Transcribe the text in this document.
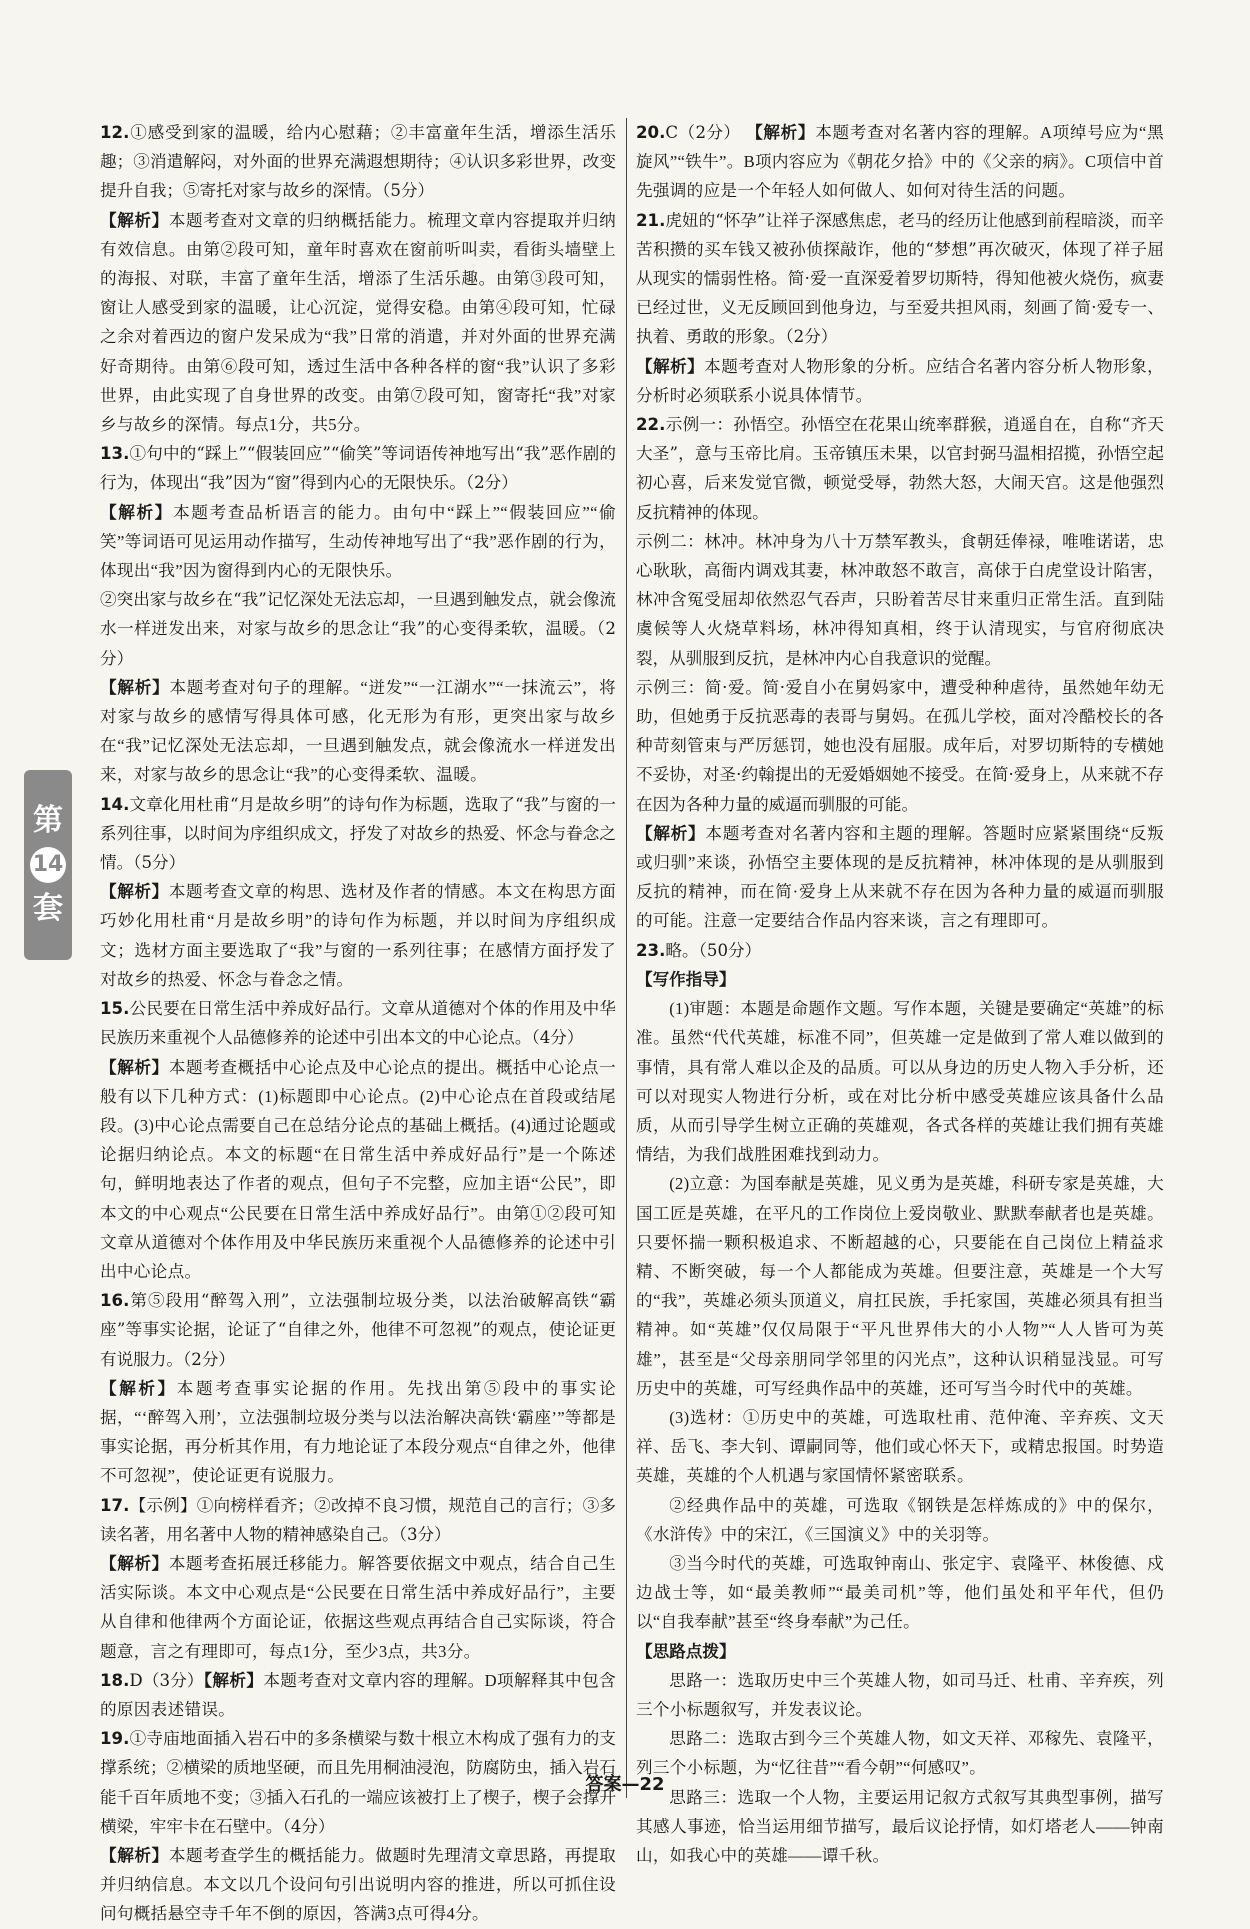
12.①感受到家的温暖，给内心慰藉；②丰富童年生活，增添生活乐趣；③消遣解闷，对外面的世界充满遐想期待；④认识多彩世界，改变提升自我；⑤寄托对家与故乡的深情。（5分）

【解析】本题考查对文章的归纳概括能力。梳理文章内容提取并归纳有效信息。由第②段可知，童年时喜欢在窗前听叫卖，看街头墙壁上的海报、对联，丰富了童年生活，增添了生活乐趣。由第③段可知，窗让人感受到家的温暖，让心沉淀，觉得安稳。由第④段可知，忙碌之余对着西边的窗户发呆成为“我”日常的消遣，并对外面的世界充满好奇期待。由第⑥段可知，透过生活中各种各样的窗“我”认识了多彩世界，由此实现了自身世界的改变。由第⑦段可知，窗寄托“我”对家乡与故乡的深情。每点1分，共5分。

13.①句中的“踩上”“假装回应”“偷笑”等词语传神地写出“我”恶作剧的行为，体现出“我”因为“窗”得到内心的无限快乐。（2分）

【解析】本题考查品析语言的能力。由句中“踩上”“假装回应”“偷笑”等词语可见运用动作描写，生动传神地写出了“我”恶作剧的行为，体现出“我”因为窗得到内心的无限快乐。

②突出家与故乡在“我”记忆深处无法忘却，一旦遇到触发点，就会像流水一样迸发出来，对家与故乡的思念让“我”的心变得柔软，温暖。（2分）

【解析】本题考查对句子的理解。“迸发”“一江湖水”“一抹流云”，将对家与故乡的感情写得具体可感，化无形为有形，更突出家与故乡在“我”记忆深处无法忘却，一旦遇到触发点，就会像流水一样迸发出来，对家与故乡的思念让“我”的心变得柔软、温暖。

14.文章化用杜甫“月是故乡明”的诗句作为标题，选取了“我”与窗的一系列往事，以时间为序组织成文，抒发了对故乡的热爱、怀念与眷念之情。（5分）

【解析】本题考查文章的构思、选材及作者的情感。本文在构思方面巧妙化用杜甫“月是故乡明”的诗句作为标题，并以时间为序组织成文；选材方面主要选取了“我”与窗的一系列往事；在感情方面抒发了对故乡的热爱、怀念与眷念之情。

15.公民要在日常生活中养成好品行。文章从道德对个体的作用及中华民族历来重视个人品德修养的论述中引出本文的中心论点。（4分）

【解析】本题考查概括中心论点及中心论点的提出。概括中心论点一般有以下几种方式：(1)标题即中心论点。(2)中心论点在首段或结尾段。(3)中心论点需要自己在总结分论点的基础上概括。(4)通过论题或论据归纳论点。本文的标题“在日常生活中养成好品行”是一个陈述句，鲜明地表达了作者的观点，但句子不完整，应加主语“公民”，即本文的中心观点“公民要在日常生活中养成好品行”。由第①②段可知文章从道德对个体作用及中华民族历来重视个人品德修养的论述中引出中心论点。

16.第⑤段用“醉驾入刑”，立法强制垃圾分类，以法治破解高铁“霸座”等事实论据，论证了“自律之外，他律不可忽视”的观点，使论证更有说服力。（2分）

【解析】本题考查事实论据的作用。先找出第⑤段中的事实论据，“‘醉驾入刑’，立法强制垃圾分类与以法治解决高铁‘霸座’”等都是事实论据，再分析其作用，有力地论证了本段分观点“自律之外，他律不可忽视”，使论证更有说服力。

17.【示例】①向榜样看齐；②改掉不良习惯，规范自己的言行；③多读名著，用名著中人物的精神感染自己。（3分）

【解析】本题考查拓展迁移能力。解答要依据文中观点，结合自己生活实际谈。本文中心观点是“公民要在日常生活中养成好品行”，主要从自律和他律两个方面论证，依据这些观点再结合自己实际谈，符合题意，言之有理即可，每点1分，至少3点，共3分。

18.D（3分）【解析】本题考查对文章内容的理解。D项解释其中包含的原因表述错误。

19.①寺庙地面插入岩石中的多条横梁与数十根立木构成了强有力的支撑系统；②横梁的质地坚硬，而且先用桐油浸泡，防腐防虫，插入岩石能千百年质地不变；③插入石孔的一端应该被打上了楔子，楔子会撑开横梁，牢牢卡在石壁中。（4分）

【解析】本题考查学生的概括能力。做题时先理清文章思路，再提取并归纳信息。本文以几个设问句引出说明内容的推进，所以可抓住设问句概括悬空寺千年不倒的原因，答满3点可得4分。

20.C（2分） 【解析】本题考查对名著内容的理解。A项绰号应为“黑旋风”“铁牛”。B项内容应为《朝花夕拾》中的《父亲的病》。C项信中首先强调的应是一个年轻人如何做人、如何对待生活的问题。

21.虎妞的“怀孕”让祥子深感焦虑，老马的经历让他感到前程暗淡，而辛苦积攒的买车钱又被孙侦探敲诈，他的“梦想”再次破灭，体现了祥子屈从现实的懦弱性格。简·爱一直深爱着罗切斯特，得知他被火烧伤，疯妻已经过世，义无反顾回到他身边，与至爱共担风雨，刻画了简·爱专一、执着、勇敢的形象。（2分）

【解析】本题考查对人物形象的分析。应结合名著内容分析人物形象，分析时必须联系小说具体情节。

22.示例一：孙悟空。孙悟空在花果山统率群猴，逍遥自在，自称“齐天大圣”，意与玉帝比肩。玉帝镇压未果，以官封弼马温相招揽，孙悟空起初心喜，后来发觉官微，顿觉受辱，勃然大怒，大闹天宫。这是他强烈反抗精神的体现。

示例二：林冲。林冲身为八十万禁军教头，食朝廷俸禄，唯唯诺诺，忠心耿耿，高衙内调戏其妻，林冲敢怒不敢言，高俅于白虎堂设计陷害，林冲含冤受屈却依然忍气吞声，只盼着苦尽甘来重归正常生活。直到陆虞候等人火烧草料场，林冲得知真相，终于认清现实，与官府彻底决裂，从驯服到反抗，是林冲内心自我意识的觉醒。

示例三：简·爱。简·爱自小在舅妈家中，遭受种种虐待，虽然她年幼无助，但她勇于反抗恶毒的表哥与舅妈。在孤儿学校，面对冷酷校长的各种苛刻管束与严厉惩罚，她也没有屈服。成年后，对罗切斯特的专横她不妥协，对圣·约翰提出的无爱婚姻她不接受。在简·爱身上，从来就不存在因为各种力量的威逼而驯服的可能。

【解析】本题考查对名著内容和主题的理解。答题时应紧紧围绕“反叛或归驯”来谈，孙悟空主要体现的是反抗精神，林冲体现的是从驯服到反抗的精神，而在简·爱身上从来就不存在因为各种力量的威逼而驯服的可能。注意一定要结合作品内容来谈，言之有理即可。

23.略。（50分）

【写作指导】

(1)审题：本题是命题作文题。写作本题，关键是要确定“英雄”的标准。虽然“代代英雄，标准不同”，但英雄一定是做到了常人难以做到的事情，具有常人难以企及的品质。可以从身边的历史人物入手分析，还可以对现实人物进行分析，或在对比分析中感受英雄应该具备什么品质，从而引导学生树立正确的英雄观，各式各样的英雄让我们拥有英雄情结，为我们战胜困难找到动力。

(2)立意：为国奉献是英雄，见义勇为是英雄，科研专家是英雄，大国工匠是英雄，在平凡的工作岗位上爱岗敬业、默默奉献者也是英雄。只要怀揣一颗积极追求、不断超越的心，只要能在自己岗位上精益求精、不断突破，每一个人都能成为英雄。但要注意，英雄是一个大写的“我”，英雄必须头顶道义，肩扛民族，手托家国，英雄必须具有担当精神。如“英雄”仅仅局限于“平凡世界伟大的小人物”“人人皆可为英雄”，甚至是“父母亲朋同学邻里的闪光点”，这种认识稍显浅显。可写历史中的英雄，可写经典作品中的英雄，还可写当今时代中的英雄。

(3)选材：①历史中的英雄，可选取杜甫、范仲淹、辛弃疾、文天祥、岳飞、李大钊、谭嗣同等，他们或心怀天下，或精忠报国。时势造英雄，英雄的个人机遇与家国情怀紧密联系。

②经典作品中的英雄，可选取《钢铁是怎样炼成的》中的保尔，《水浒传》中的宋江，《三国演义》中的关羽等。

③当今时代的英雄，可选取钟南山、张定宇、袁隆平、林俊德、戍边战士等，如“最美教师”“最美司机”等，他们虽处和平年代，但仍以“自我奉献”甚至“终身奉献”为己任。

【思路点拨】

思路一：选取历史中三个英雄人物，如司马迁、杜甫、辛弃疾，列三个小标题叙写，并发表议论。

思路二：选取古到今三个英雄人物，如文天祥、邓稼先、袁隆平，列三个小标题，为“忆往昔”“看今朝”“何感叹”。

思路三：选取一个人物，主要运用记叙方式叙写其典型事例，描写其感人事迹，恰当运用细节描写，最后议论抒情，如灯塔老人——钟南山，如我心中的英雄——谭千秋。

第
14
套
答案—22
